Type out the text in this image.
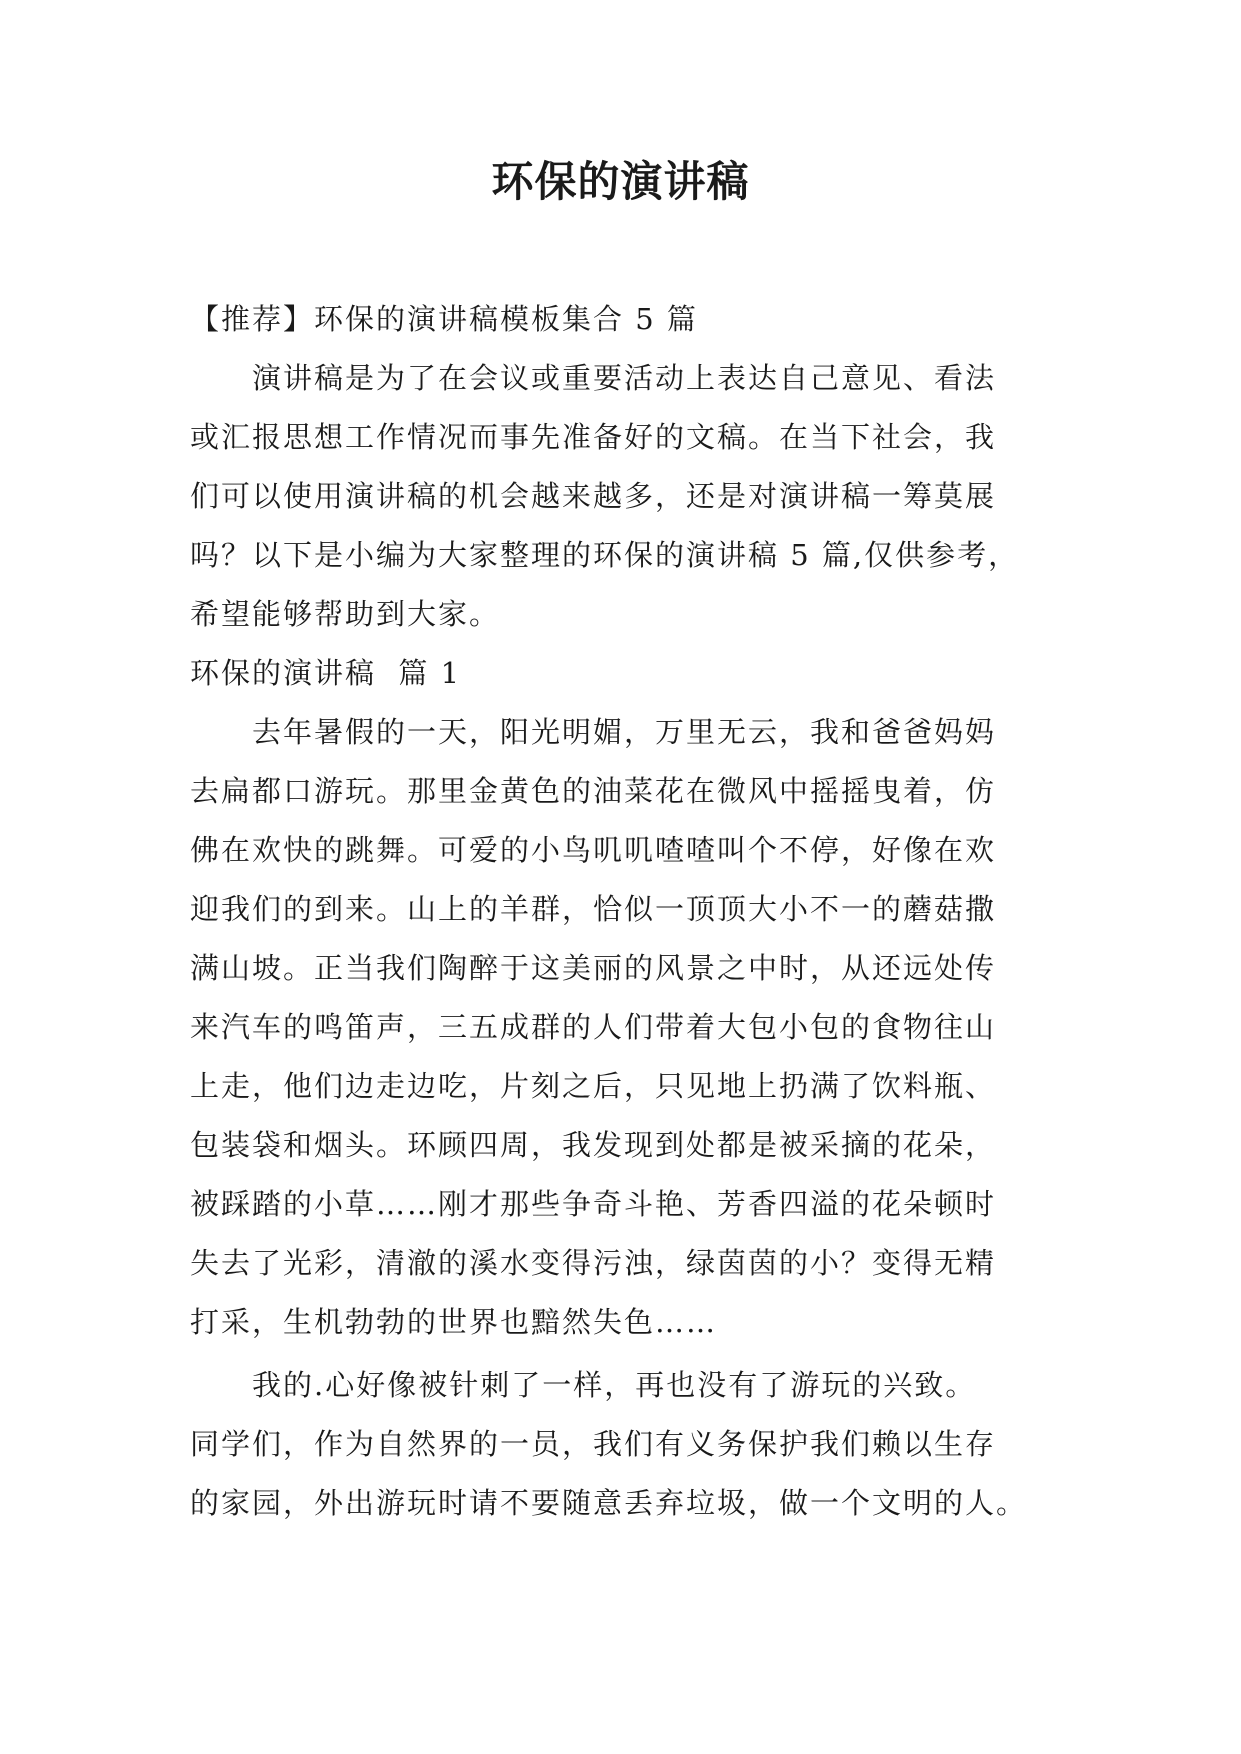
环保的演讲稿
【推荐】环保的演讲稿模板集合 5 篇
　　演讲稿是为了在会议或重要活动上表达自己意见、看法
或汇报思想工作情况而事先准备好的文稿。在当下社会，我
们可以使用演讲稿的机会越来越多，还是对演讲稿一筹莫展
吗？以下是小编为大家整理的环保的演讲稿 5 篇,仅供参考，
希望能够帮助到大家。
环保的演讲稿  篇 1
　　去年暑假的一天，阳光明媚，万里无云，我和爸爸妈妈
去扁都口游玩。那里金黄色的油菜花在微风中摇摇曳着，仿
佛在欢快的跳舞。可爱的小鸟叽叽喳喳叫个不停，好像在欢
迎我们的到来。山上的羊群，恰似一顶顶大小不一的蘑菇撒
满山坡。正当我们陶醉于这美丽的风景之中时，从还远处传
来汽车的鸣笛声，三五成群的人们带着大包小包的食物往山
上走，他们边走边吃，片刻之后，只见地上扔满了饮料瓶、
包装袋和烟头。环顾四周，我发现到处都是被采摘的花朵，
被踩踏的小草……刚才那些争奇斗艳、芳香四溢的花朵顿时
失去了光彩，清澈的溪水变得污浊，绿茵茵的小？变得无精
打采，生机勃勃的世界也黯然失色……
　　我的.心好像被针刺了一样，再也没有了游玩的兴致。
同学们，作为自然界的一员，我们有义务保护我们赖以生存
的家园，外出游玩时请不要随意丢弃垃圾，做一个文明的人。
